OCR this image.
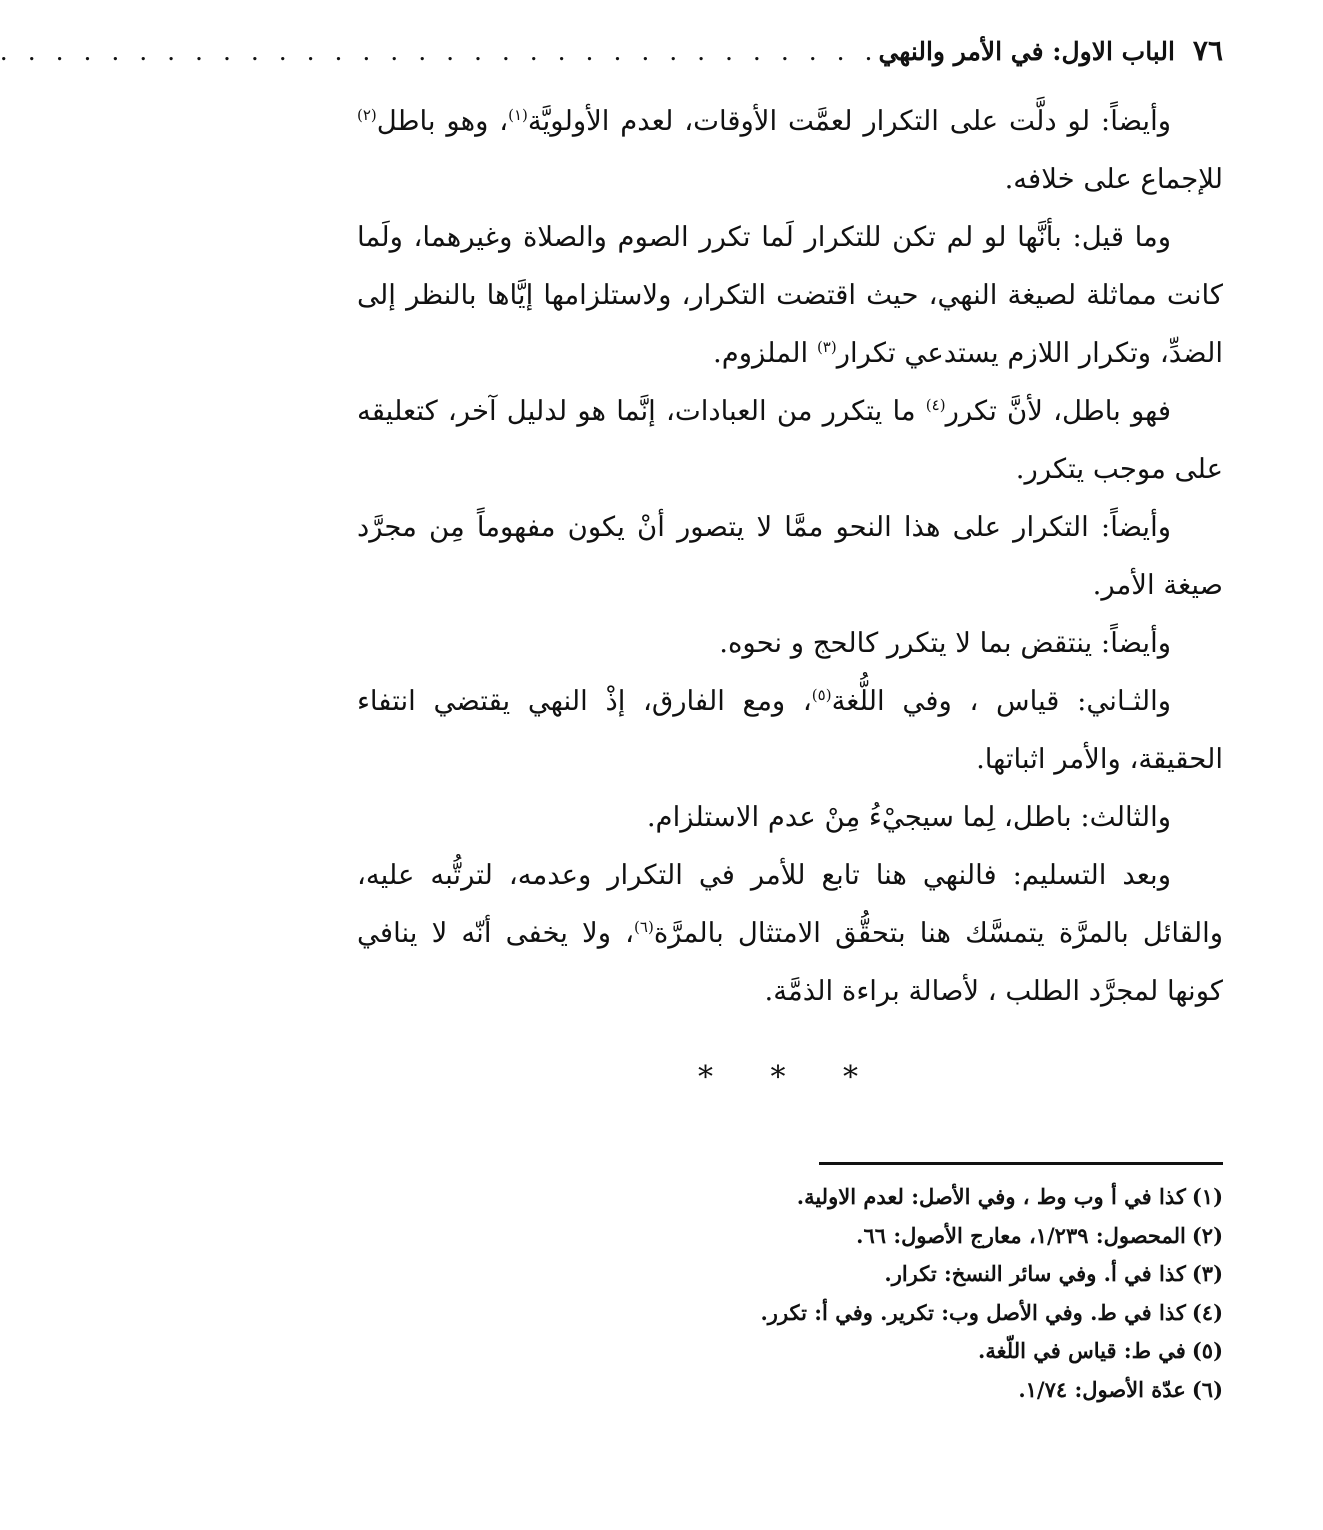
٧٦
الباب الاول: في الأمر والنهي
. . . . . . . . . . . . . . . . . . . . . . . . . . . . . . . .

وأيضاً: لو دلَّت على التكرار لعمَّت الأوقات، لعدم الأولويَّة$^{(١)}$، وهو باطل$^{(٢)}$ للإجماع على خلافه.

وما قيل: بأنَّها لو لم تكن للتكرار لَما تكرر الصوم والصلاة وغيرهما، ولَما كانت مماثلة لصيغة النهي، حيث اقتضت التكرار، ولاستلزامها إيَّاها بالنظر إلى الضدِّ، وتكرار اللازم يستدعي تكرار$^{(٣)}$ الملزوم.

فهو باطل، لأنَّ تكرر$^{(٤)}$ ما يتكرر من العبادات، إنَّما هو لدليل آخر، كتعليقه على موجب يتكرر.

وأيضاً: التكرار على هذا النحو ممَّا لا يتصور أنْ يكون مفهوماً مِن مجرَّد صيغة الأمر.

وأيضاً: ينتقض بما لا يتكرر كالحج و نحوه.

والثـاني: قياس ، وفي اللُّغة$^{(٥)}$، ومع الفارق، إذْ النهي يقتضي انتفاء الحقيقة، والأمر اثباتها.

والثالث: باطل، لِما سيجيْءُ مِنْ عدم الاستلزام.

وبعد التسليم: فالنهي هنا تابع للأمر في التكرار وعدمه، لترتُّبه عليه، والقائل بالمرَّة يتمسَّك هنا بتحقُّق الامتثال بالمرَّة$^{(٦)}$، ولا يخفى أنّه لا ينافي كونها لمجرَّد الطلب ، لأصالة براءة الذمَّة.

* * *

(١)كذا في أ وب وط ، وفي الأصل: لعدم الاولية.

(٢)المحصول: ١/٢٣٩، معارج الأصول: ٦٦.

(٣)كذا في أ. وفي سائر النسخ: تكرار.

(٤)كذا في ط. وفي الأصل وب: تكرير. وفي أ: تكرر.

(٥)في ط: قياس في اللّغة.

(٦)عدّة الأصول: ١/٧٤.
